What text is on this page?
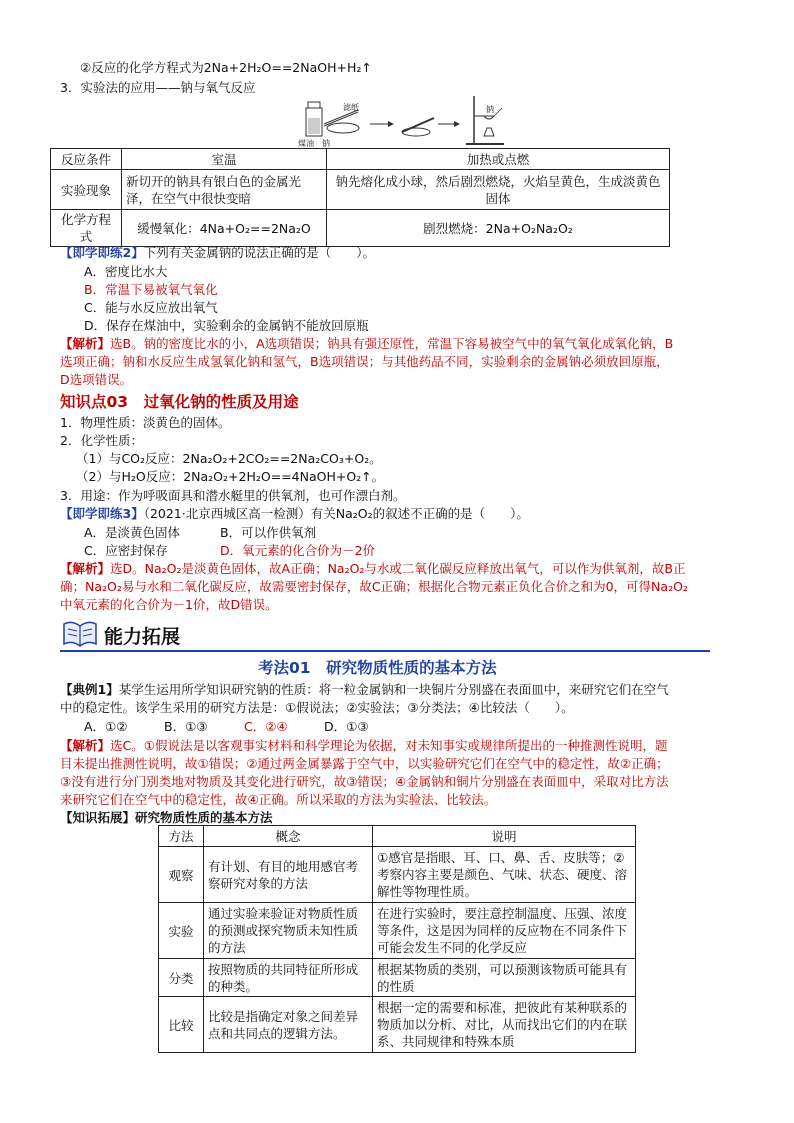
②反应的化学方程式为2Na+2H₂O==2NaOH+H₂↑
3．实验法的应用——钠与氧气反应
滤纸
煤油 钠
钠
反应条件	室温	加热或点燃
实验现象	新切开的钠具有银白色的金属光泽，在空气中很快变暗	钠先熔化成小球，然后剧烈燃烧，火焰呈黄色，生成淡黄色固体
化学方程式	缓慢氧化：4Na+O₂==2Na₂O	剧烈燃烧：2Na+O₂Na₂O₂
【即学即练2】下列有关金属钠的说法正确的是（　　）。
A．密度比水大
B．常温下易被氧气氧化
C．能与水反应放出氧气
D．保存在煤油中，实验剩余的金属钠不能放回原瓶
【解析】选B。钠的密度比水的小，A选项错误；钠具有强还原性，常温下容易被空气中的氧气氧化成氧化钠，B
选项正确；钠和水反应生成氢氧化钠和氢气，B选项错误；与其他药品不同，实验剩余的金属钠必须放回原瓶，
D选项错误。
知识点03　过氧化钠的性质及用途
1．物理性质：淡黄色的固体。
2．化学性质：
（1）与CO₂反应：2Na₂O₂+2CO₂==2Na₂CO₃+O₂。
（2）与H₂O反应：2Na₂O₂+2H₂O==4NaOH+O₂↑。
3．用途：作为呼吸面具和潜水艇里的供氧剂，也可作漂白剂。
【即学即练3】（2021·北京西城区高一检测）有关Na₂O₂的叙述不正确的是（　　）。
A．是淡黄色固体	B．可以作供氧剂
C．应密封保存	D．氧元素的化合价为－2价
【解析】选D。Na₂O₂是淡黄色固体，故A正确；Na₂O₂与水或二氧化碳反应释放出氧气，可以作为供氧剂，故B正
确；Na₂O₂易与水和二氧化碳反应，故需要密封保存，故C正确；根据化合物元素正负化合价之和为0，可得Na₂O₂
中氧元素的化合价为－1价，故D错误。
能力拓展
考法01　研究物质性质的基本方法
【典例1】某学生运用所学知识研究钠的性质：将一粒金属钠和一块铜片分别盛在表面皿中，来研究它们在空气
中的稳定性。该学生采用的研究方法是：①假说法；②实验法；③分类法；④比较法（　　）。
A．①②	B．①③	C．②④	D．①③
【解析】选C。①假说法是以客观事实材料和科学理论为依据，对未知事实或规律所提出的一种推测性说明，题
目未提出推测性说明，故①错误；②通过两金属暴露于空气中，以实验研究它们在空气中的稳定性，故②正确；
③没有进行分门别类地对物质及其变化进行研究，故③错误；④金属钠和铜片分别盛在表面皿中，采取对比方法
来研究它们在空气中的稳定性，故④正确。所以采取的方法为实验法、比较法。
【知识拓展】研究物质性质的基本方法
方法	概念	说明
观察	有计划、有目的地用感官考察研究对象的方法	①感官是指眼、耳、口、鼻、舌、皮肤等；②考察内容主要是颜色、气味、状态、硬度、溶解性等物理性质。
实验	通过实验来验证对物质性质的预测或探究物质未知性质的方法	在进行实验时，要注意控制温度、压强、浓度等条件，这是因为同样的反应物在不同条件下可能会发生不同的化学反应
分类	按照物质的共同特征所形成的种类。	根据某物质的类别，可以预测该物质可能具有的性质
比较	比较是指确定对象之间差异点和共同点的逻辑方法。	根据一定的需要和标准，把彼此有某种联系的物质加以分析、对比，从而找出它们的内在联系、共同规律和特殊本质
